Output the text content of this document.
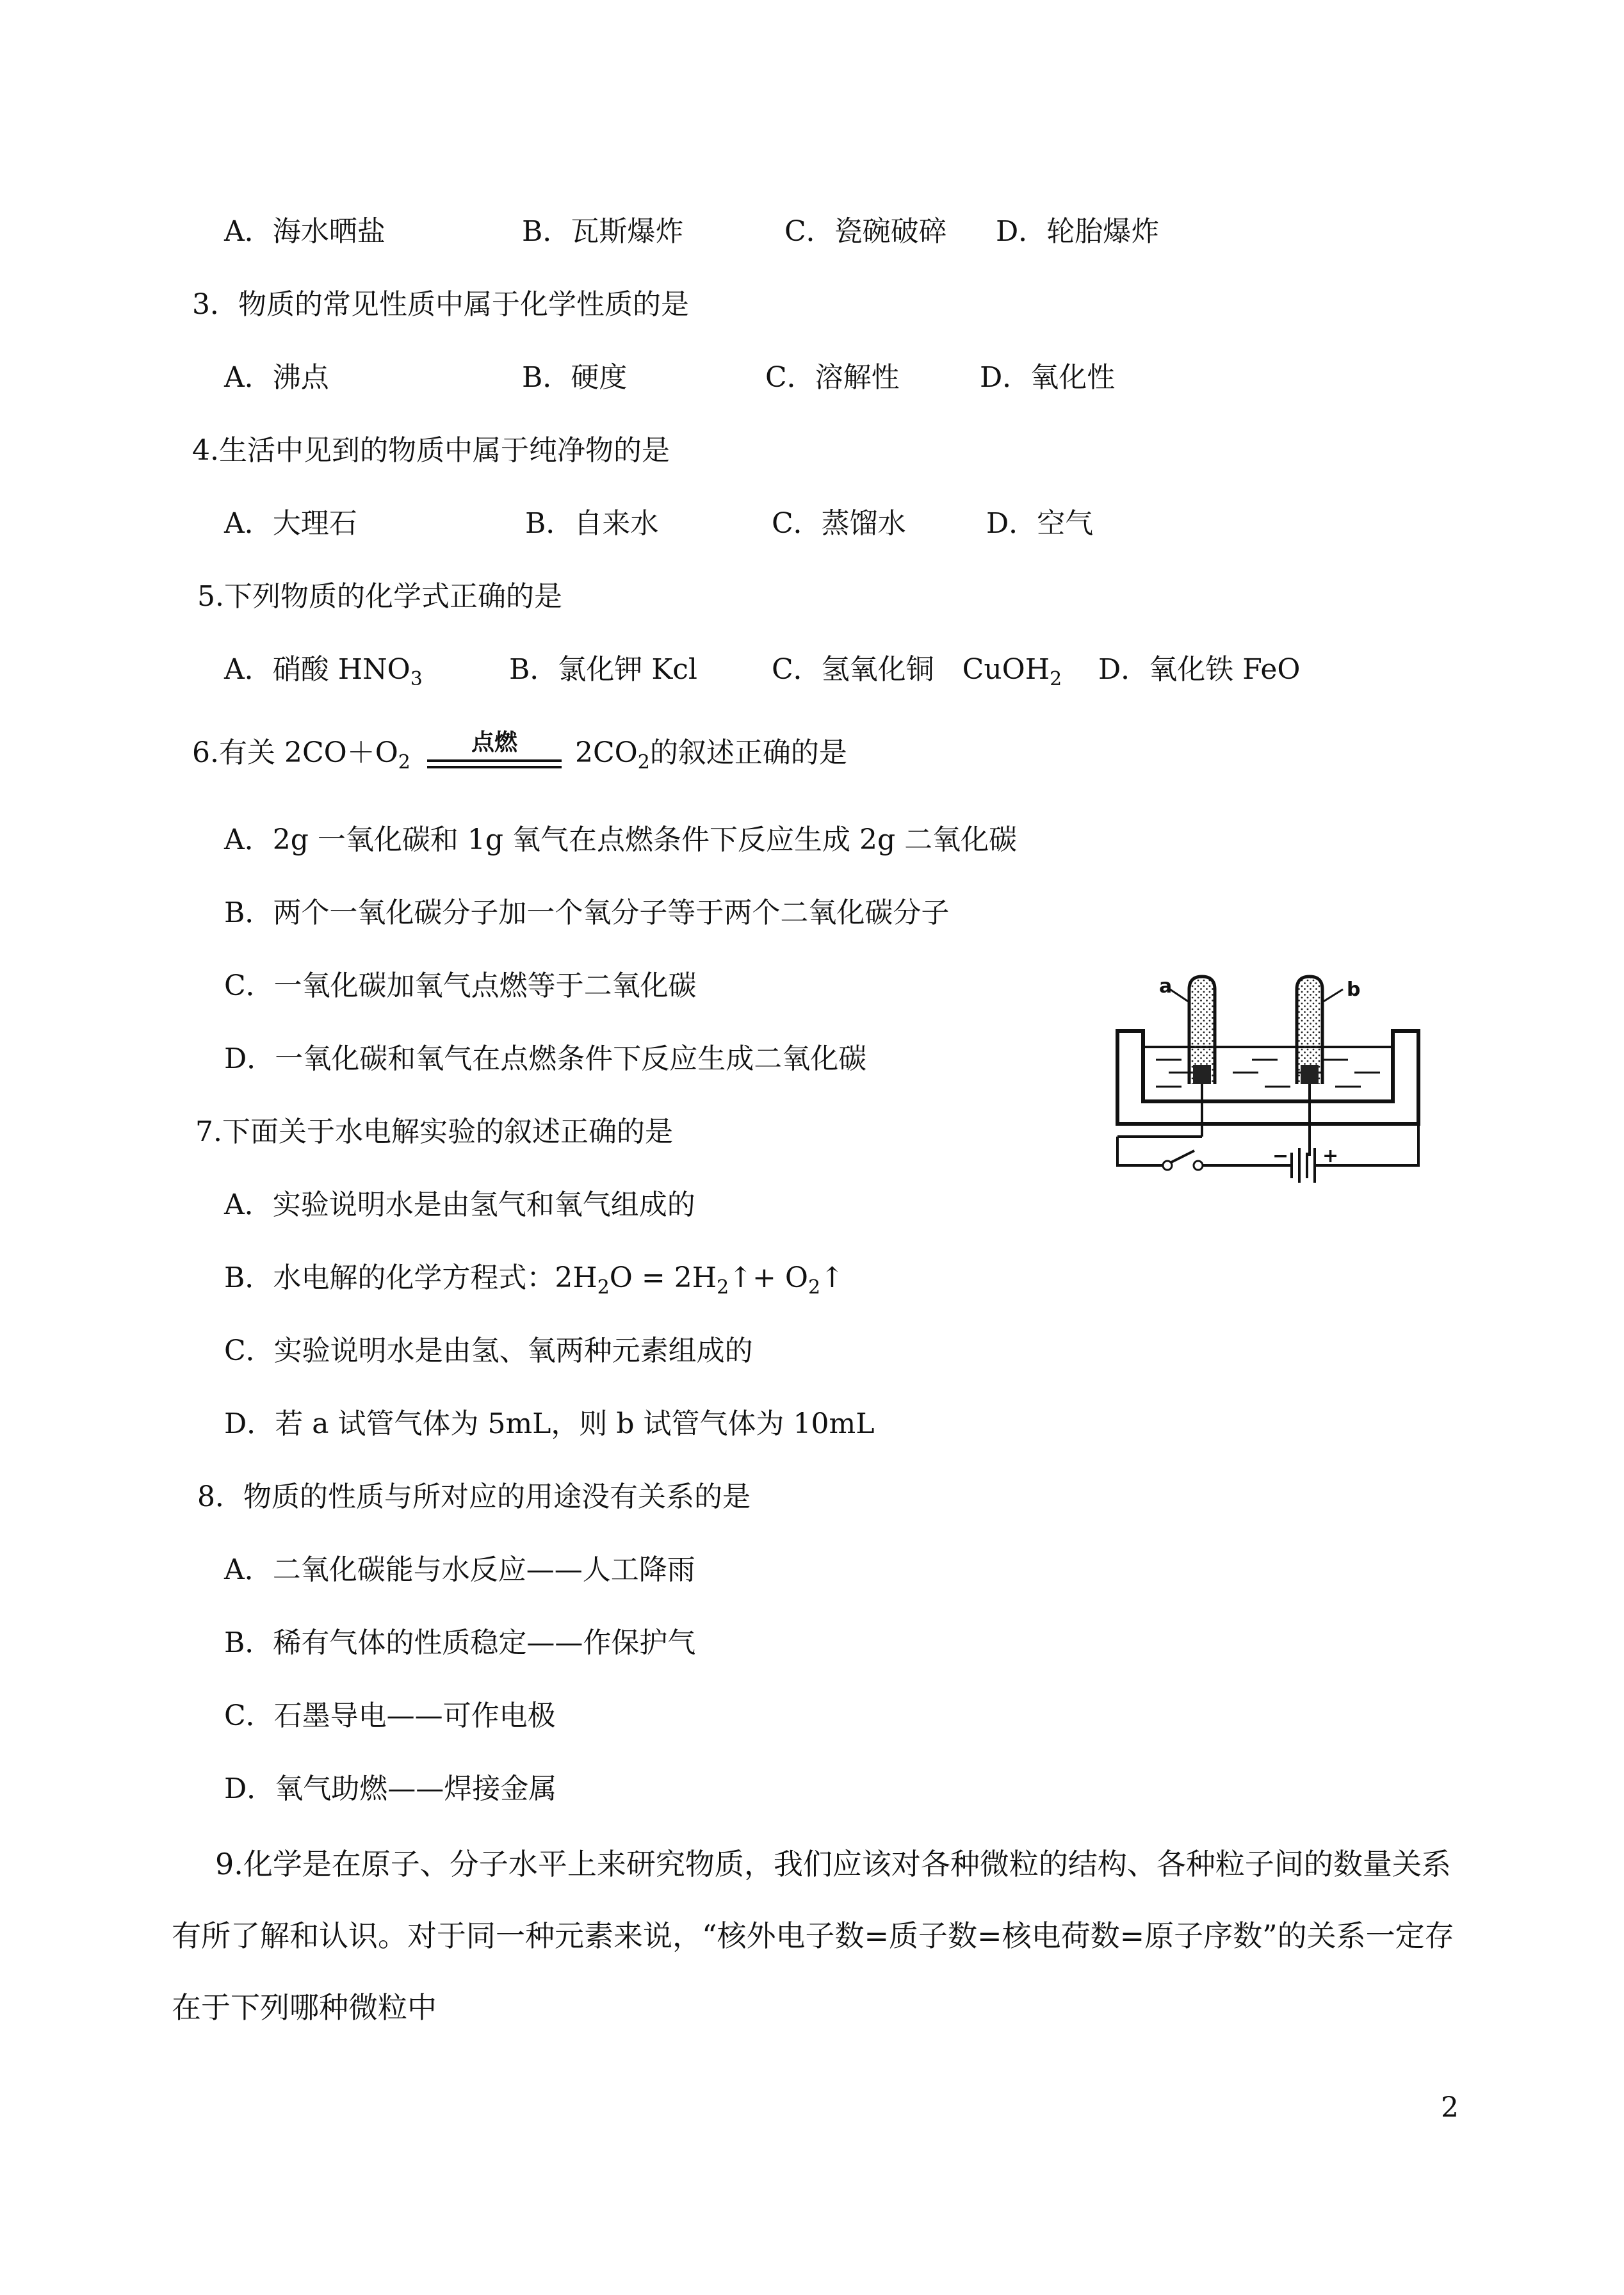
A．海水晒盐	B．瓦斯爆炸	C．瓷碗破碎 D．轮胎爆炸
3．物质的常见性质中属于化学性质的是
A．沸点	B．硬度	C．溶解性	D．氧化性
4.生活中见到的物质中属于纯净物的是
A．大理石	B．自来水	C．蒸馏水	D．空气
5.下列物质的化学式正确的是
A．硝酸 $HNO_3$	B．氯化钾 Kcl	C．氢氧化铜　CuOH$_2$ D．氧化铁 FeO
6.有关 $2CO+O_2$
点燃	$2CO_2$的叙述正确的是
A．2g 一氧化碳和 1g 氧气在点燃条件下反应生成 2g 二氧化碳
B．两个一氧化碳分子加一个氧分子等于两个二氧化碳分子
C．一氧化碳加氧气点燃等于二氧化碳
D．一氧化碳和氧气在点燃条件下反应生成二氧化碳
7.下面关于水电解实验的叙述正确的是
A．实验说明水是由氢气和氧气组成的
B．水电解的化学方程式：$2H_2O$ = $2H_2↑+$ $O_2↑$
C．实验说明水是由氢、氧两种元素组成的
D．若 a 试管气体为 5mL，则 b 试管气体为 10mL
a	b
− +
8．物质的性质与所对应的用途没有关系的是
A．二氧化碳能与水反应——人工降雨
B．稀有气体的性质稳定——作保护气
C．石墨导电——可作电极
D．氧气助燃——焊接金属
9.化学是在原子、分子水平上来研究物质，我们应该对各种微粒的结构、各种粒子间的数量关系有所了解和认识。对于同一种元素来说，“核外电子数=质子数=核电荷数=原子序数”的关系一定存在于下列哪种微粒中
2
